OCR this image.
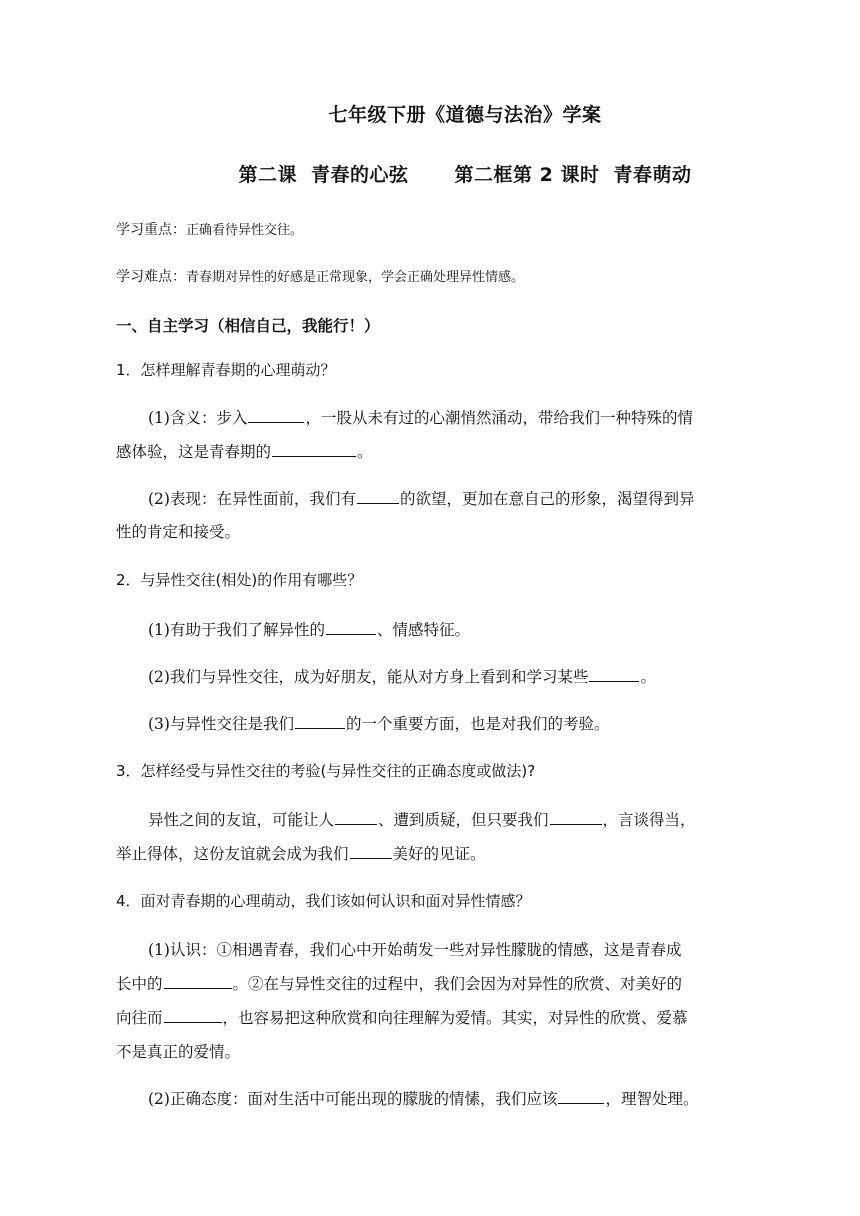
七年级下册《道德与法治》学案
第二课 青春的心弦 第二框第 2 课时 青春萌动
学习重点：正确看待异性交往。
学习难点：青春期对异性的好感是正常现象，学会正确处理异性情感。
一、自主学习（相信自己，我能行！）
1．怎样理解青春期的心理萌动？
(1)含义：步入	，一股从未有过的心潮悄然涌动，带给我们一种特殊的情
感体验，这是青春期的	。
(2)表现：在异性面前，我们有	的欲望，更加在意自己的形象，渴望得到异
性的肯定和接受。
2．与异性交往(相处)的作用有哪些？
(1)有助于我们了解异性的	、情感特征。
(2)我们与异性交往，成为好朋友，能从对方身上看到和学习某些	。
(3)与异性交往是我们	的一个重要方面，也是对我们的考验。
3．怎样经受与异性交往的考验(与异性交往的正确态度或做法)?
异性之间的友谊，可能让人	、遭到质疑，但只要我们	，言谈得当，
举止得体，这份友谊就会成为我们	美好的见证。
4．面对青春期的心理萌动，我们该如何认识和面对异性情感？
(1)认识：①相遇青春，我们心中开始萌发一些对异性朦胧的情感，这是青春成
长中的	。②在与异性交往的过程中，我们会因为对异性的欣赏、对美好的
向往而	，也容易把这种欣赏和向往理解为爱情。其实，对异性的欣赏、爱慕
不是真正的爱情。
(2)正确态度：面对生活中可能出现的朦胧的情愫，我们应该	，理智处理。
